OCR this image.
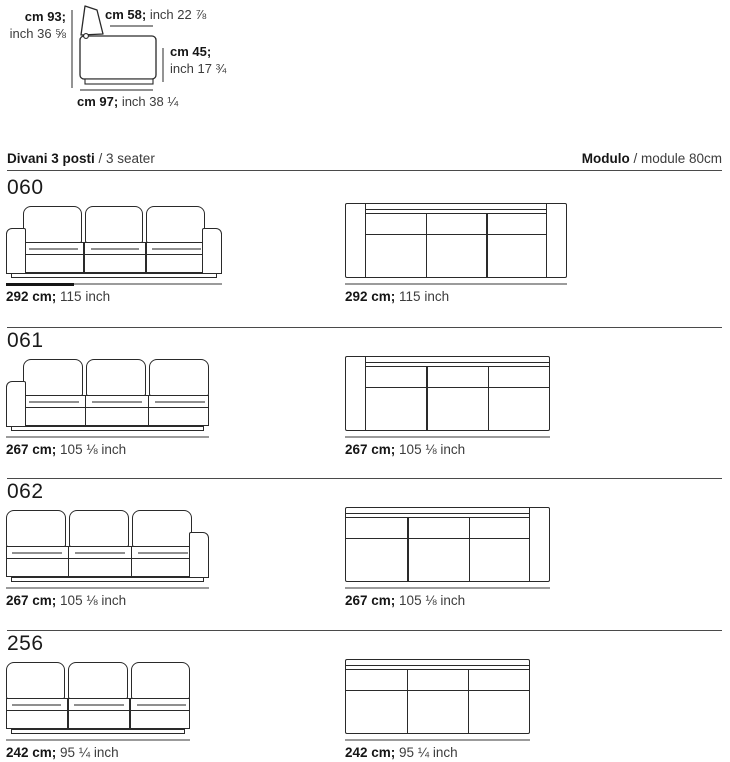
cm 93;
inch 36 ⅝
cm 58; inch 22 ⅞
cm 45;
inch 17 ¾
cm 97; inch 38 ¼
Divani 3 posti / 3 seater	Modulo / module 80cm
060
292 cm; 115 inch	292 cm; 115 inch
061
267 cm; 105 ⅛ inch	267 cm; 105 ⅛ inch
062
267 cm; 105 ⅛ inch	267 cm; 105 ⅛ inch
256
242 cm; 95 ¼ inch	242 cm; 95 ¼ inch
